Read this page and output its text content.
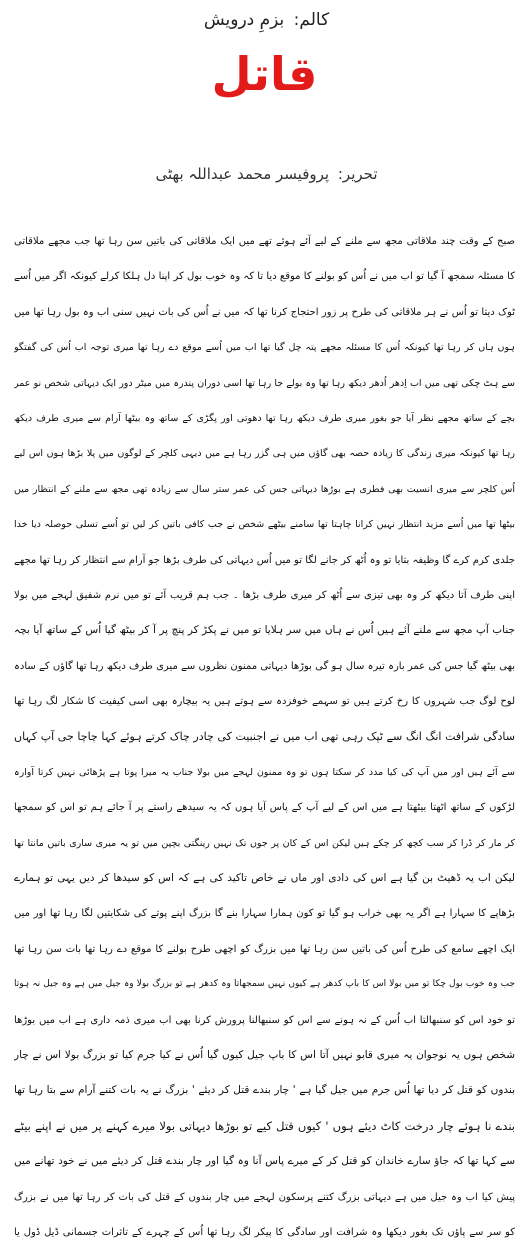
کالم: بزمِ درویش
قاتل
تحریر: پروفیسر محمد عبداللہ بھٹی
صبح کے وقت چند ملاقاتی مجھ سے ملنے کے لیے آئے ہوئے تھے میں ایک ملاقاتی کی باتیں سن رہا تھا جب مجھے ملاقاتی
کا مسئلہ سمجھ آ گیا تو اب میں نے اُس کو بولنے کا موقع دیا تا کہ وہ خوب بول کر اپنا دل ہلکا کرلے کیونکہ اگر میں اُسے
ٹوک دیتا تو اُس نے ہر ملاقاتی کی طرح پر زور احتجاج کرنا تھا کہ میں نے اُس کی بات نہیں سنی اب وہ بول رہا تھا میں
ہوں ہاں کر رہا تھا کیونکہ اُس کا مسئلہ مجھے پتہ چل گیا تھا اب میں اُسے موقع دے رہا تھا میری توجہ اب اُس کی گفتگو
سے ہٹ چکی تھی میں اب اِدھر اُدھر دیکھ رہا تھا وہ بولے جا رہا تھا اسی دوران پندرہ میں میٹر دور ایک دیہاتی شخص نو عمر
بچے کے ساتھ مجھے نظر آیا جو بغور میری طرف دیکھ رہا تھا دھوتی اور پگڑی کے ساتھ وہ بیٹھا آرام سے میری طرف دیکھ
رہا تھا کیونکہ میری زندگی کا زیادہ حصہ بھی گاؤں میں ہی گزر رہا ہے میں دیہی کلچر کے لوگوں میں پلا بڑھا ہوں اس لیے
اُس کلچر سے میری انسیت بھی فطری ہے بوڑھا دیہاتی جس کی عمر ستر سال سے زیادہ تھی مجھ سے ملنے کے انتظار میں
بیٹھا تھا میں اُسے مزید انتظار نہیں کرانا چاہتا تھا سامنے بیٹھے شخص نے جب کافی باتیں کر لیں تو اُسے تسلی حوصلہ دیا خدا
جلدی کرم کرے گا وظیفہ بتایا تو وہ اُٹھ کر جانے لگا تو میں اُس دیہاتی کی طرف بڑھا جو آرام سے انتظار کر رہا تھا مجھے
اپنی طرف آتا دیکھ کر وہ بھی تیزی سے اُٹھ کر میری طرف بڑھا ۔ جب ہم قریب آئے تو میں نرم شفیق لہجے میں بولا
جناب آپ مجھ سے ملنے آئے ہیں اُس نے ہاں میں سر ہلایا تو میں نے پکڑ کر پنچ پر آ کر بیٹھ گیا اُس کے ساتھ آیا بچہ
بھی بیٹھ گیا جس کی عمر بارہ تیرہ سال ہو گی بوڑھا دیہاتی ممنون نظروں سے میری طرف دیکھ رہا تھا گاؤں کے سادہ
لوح لوگ جب شہروں کا رخ کرتے ہیں تو سہمے خوفزدہ سے ہوتے ہیں یہ بیچارہ بھی اسی کیفیت کا شکار لگ رہا تھا
سادگی شرافت انگ انگ سے ٹپک رہی تھی اب میں نے اجنبیت کی چادر چاک کرتے ہوئے کہا چاچا جی آپ کہاں
سے آئے ہیں اور میں آپ کی کیا مدد کر سکتا ہوں تو وہ ممنون لہجے میں بولا جناب یہ میرا پوتا ہے پڑھائی نہیں کرتا آوارہ
لڑکوں کے ساتھ اٹھتا بیٹھتا ہے میں اس کے لیے آپ کے پاس آیا ہوں کہ یہ سیدھے راستے پر آ جائے ہم تو اس کو سمجھا
کر مار کر ڈرا کر سب کچھ کر چکے ہیں لیکن اس کے کان پر جوں تک نہیں رینگتی بچپن میں تو یہ میری ساری باتیں مانتا تھا
لیکن اب یہ ڈھیٹ بن گیا ہے اس کی دادی اور ماں نے خاص تاکید کی ہے کہ اس کو سیدھا کر دیں یہی تو ہمارے
بڑھاپے کا سہارا ہے اگر یہ بھی خراب ہو گیا تو کون ہمارا سہارا بنے گا بزرگ اپنے پوتے کی شکایتیں لگا رہا تھا اور میں
ایک اچھے سامع کی طرح اُس کی باتیں سن رہا تھا میں بزرگ کو اچھی طرح بولنے کا موقع دے رہا تھا بات سن رہا تھا
جب وہ خوب بول چکا تو میں بولا اس کا باپ کدھر ہے کیوں نہیں سمجھاتا وہ کدھر ہے تو بزرگ بولا وہ جیل میں ہے وہ جیل نہ ہوتا
تو خود اس کو سنبھالتا اب اُس کے نہ ہونے سے اس کو سنبھالنا پرورش کرنا بھی اب میری ذمہ داری ہے اب میں بوڑھا
شخص ہوں یہ نوجوان یہ میری قابو نہیں آتا اس کا باپ جیل کیوں گیا اُس نے کیا جرم کیا تو بزرگ بولا اس نے چار
بندوں کو قتل کر دیا تھا اُس جرم میں جیل گیا ہے ' چار بندے قتل کر دیئے ' بزرگ نے یہ بات کتنے آرام سے بتا رہا تھا
بندے نا ہوئے چار درخت کاٹ دیئے ہوں ' کیوں قتل کیے تو بوڑھا دیہاتی بولا میرے کہنے پر میں نے اپنے بیٹے
سے کہا تھا کہ جاؤ سارے خاندان کو قتل کر کے میرے پاس آنا وہ گیا اور چار بندے قتل کر دیئے میں نے خود تھانے میں
پیش کیا اب وہ جیل میں ہے دیہاتی بزرگ کتنے پرسکون لہجے میں چار بندوں کے قتل کی بات کر رہا تھا میں نے بزرگ
کو سر سے پاؤں تک بغور دیکھا وہ شرافت اور سادگی کا پیکر لگ رہا تھا اُس کے چہرے کے تاثرات جسمانی ڈیل ڈول یا
